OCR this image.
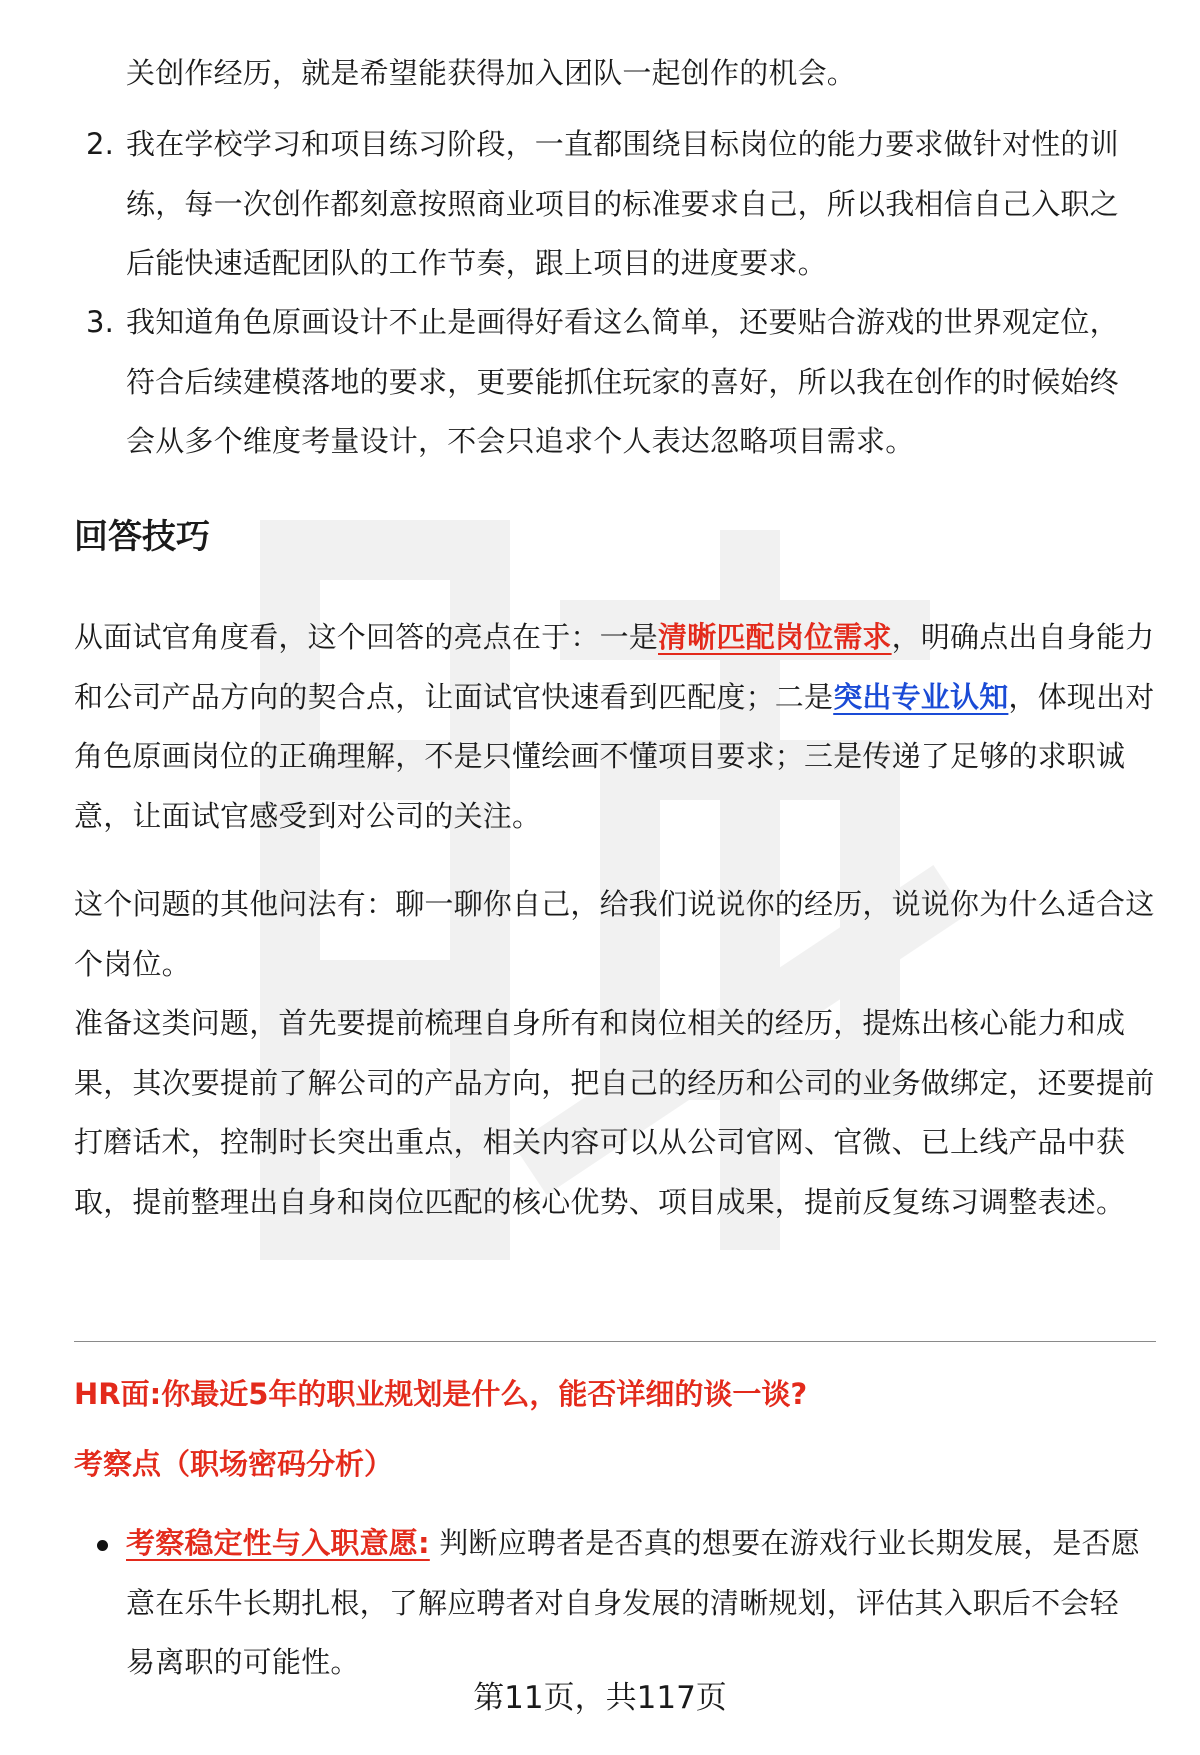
关创作经历，就是希望能获得加入团队一起创作的机会。
2. 我在学校学习和项目练习阶段，一直都围绕目标岗位的能力要求做针对性的训练，每一次创作都刻意按照商业项目的标准要求自己，所以我相信自己入职之后能快速适配团队的工作节奏，跟上项目的进度要求。
3. 我知道角色原画设计不止是画得好看这么简单，还要贴合游戏的世界观定位，符合后续建模落地的要求，更要能抓住玩家的喜好，所以我在创作的时候始终会从多个维度考量设计，不会只追求个人表达忽略项目需求。
回答技巧
从面试官角度看，这个回答的亮点在于：一是清晰匹配岗位需求，明确点出自身能力和公司产品方向的契合点，让面试官快速看到匹配度；二是突出专业认知，体现出对角色原画岗位的正确理解，不是只懂绘画不懂项目要求；三是传递了足够的求职诚意，让面试官感受到对公司的关注。
这个问题的其他问法有：聊一聊你自己，给我们说说你的经历，说说你为什么适合这个岗位。
准备这类问题，首先要提前梳理自身所有和岗位相关的经历，提炼出核心能力和成果，其次要提前了解公司的产品方向，把自己的经历和公司的业务做绑定，还要提前打磨话术，控制时长突出重点，相关内容可以从公司官网、官微、已上线产品中获取，提前整理出自身和岗位匹配的核心优势、项目成果，提前反复练习调整表述。
HR面:你最近5年的职业规划是什么，能否详细的谈一谈?
考察点（职场密码分析）
考察稳定性与入职意愿: 判断应聘者是否真的想要在游戏行业长期发展，是否愿意在乐牛长期扎根，了解应聘者对自身发展的清晰规划，评估其入职后不会轻易离职的可能性。
第11页，共117页
